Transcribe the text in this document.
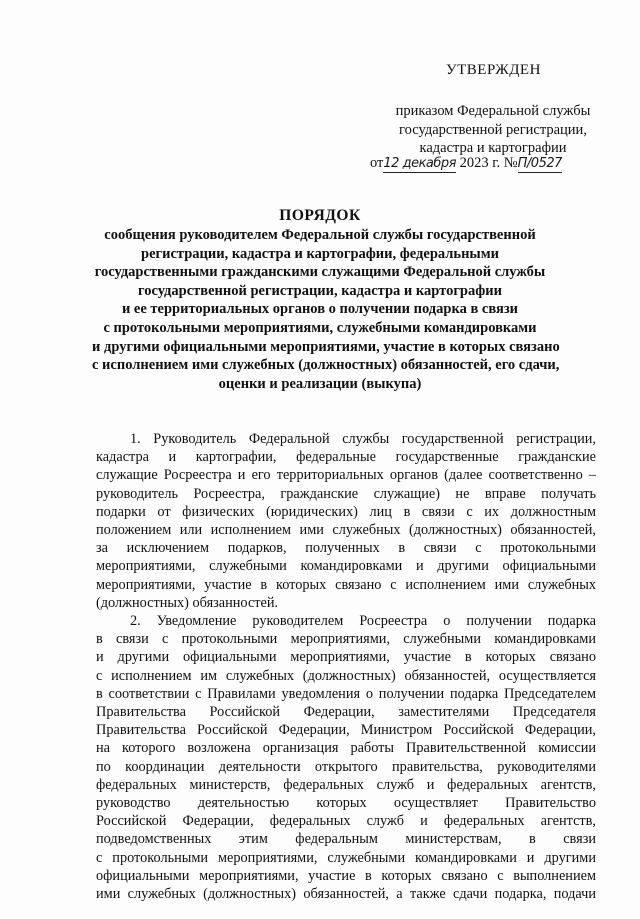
УТВЕРЖДЕН
приказом Федеральной службы
государственной регистрации,
кадастра и картографии
от12 декабря 2023 г. №П/0527
ПОРЯДОК
сообщения руководителем Федеральной службы государственной
регистрации, кадастра и картографии, федеральными
государственными гражданскими служащими Федеральной службы
государственной регистрации, кадастра и картографии
и ее территориальных органов о получении подарка в связи
с протокольными мероприятиями, служебными командировками
и другими официальными мероприятиями, участие в которых связано
с исполнением ими служебных (должностных) обязанностей, его сдачи,
оценки и реализации (выкупа)
1. Руководитель Федеральной службы государственной регистрации,
кадастра и картографии, федеральные государственные гражданские
служащие Росреестра и его территориальных органов (далее соответственно –
руководитель Росреестра, гражданские служащие) не вправе получать
подарки от физических (юридических) лиц в связи с их должностным
положением или исполнением ими служебных (должностных) обязанностей,
за исключением подарков, полученных в связи с протокольными
мероприятиями, служебными командировками и другими официальными
мероприятиями, участие в которых связано с исполнением ими служебных
(должностных) обязанностей.
2. Уведомление руководителем Росреестра о получении подарка
в связи с протокольными мероприятиями, служебными командировками
и другими официальными мероприятиями, участие в которых связано
с исполнением им служебных (должностных) обязанностей, осуществляется
в соответствии с Правилами уведомления о получении подарка Председателем
Правительства Российской Федерации, заместителями Председателя
Правительства Российской Федерации, Министром Российской Федерации,
на которого возложена организация работы Правительственной комиссии
по координации деятельности открытого правительства, руководителями
федеральных министерств, федеральных служб и федеральных агентств,
руководство деятельностью которых осуществляет Правительство
Российской Федерации, федеральных служб и федеральных агентств,
подведомственных этим федеральным министерствам, в связи
с протокольными мероприятиями, служебными командировками и другими
официальными мероприятиями, участие в которых связано с выполнением
ими служебных (должностных) обязанностей, а также сдачи подарка, подачи
